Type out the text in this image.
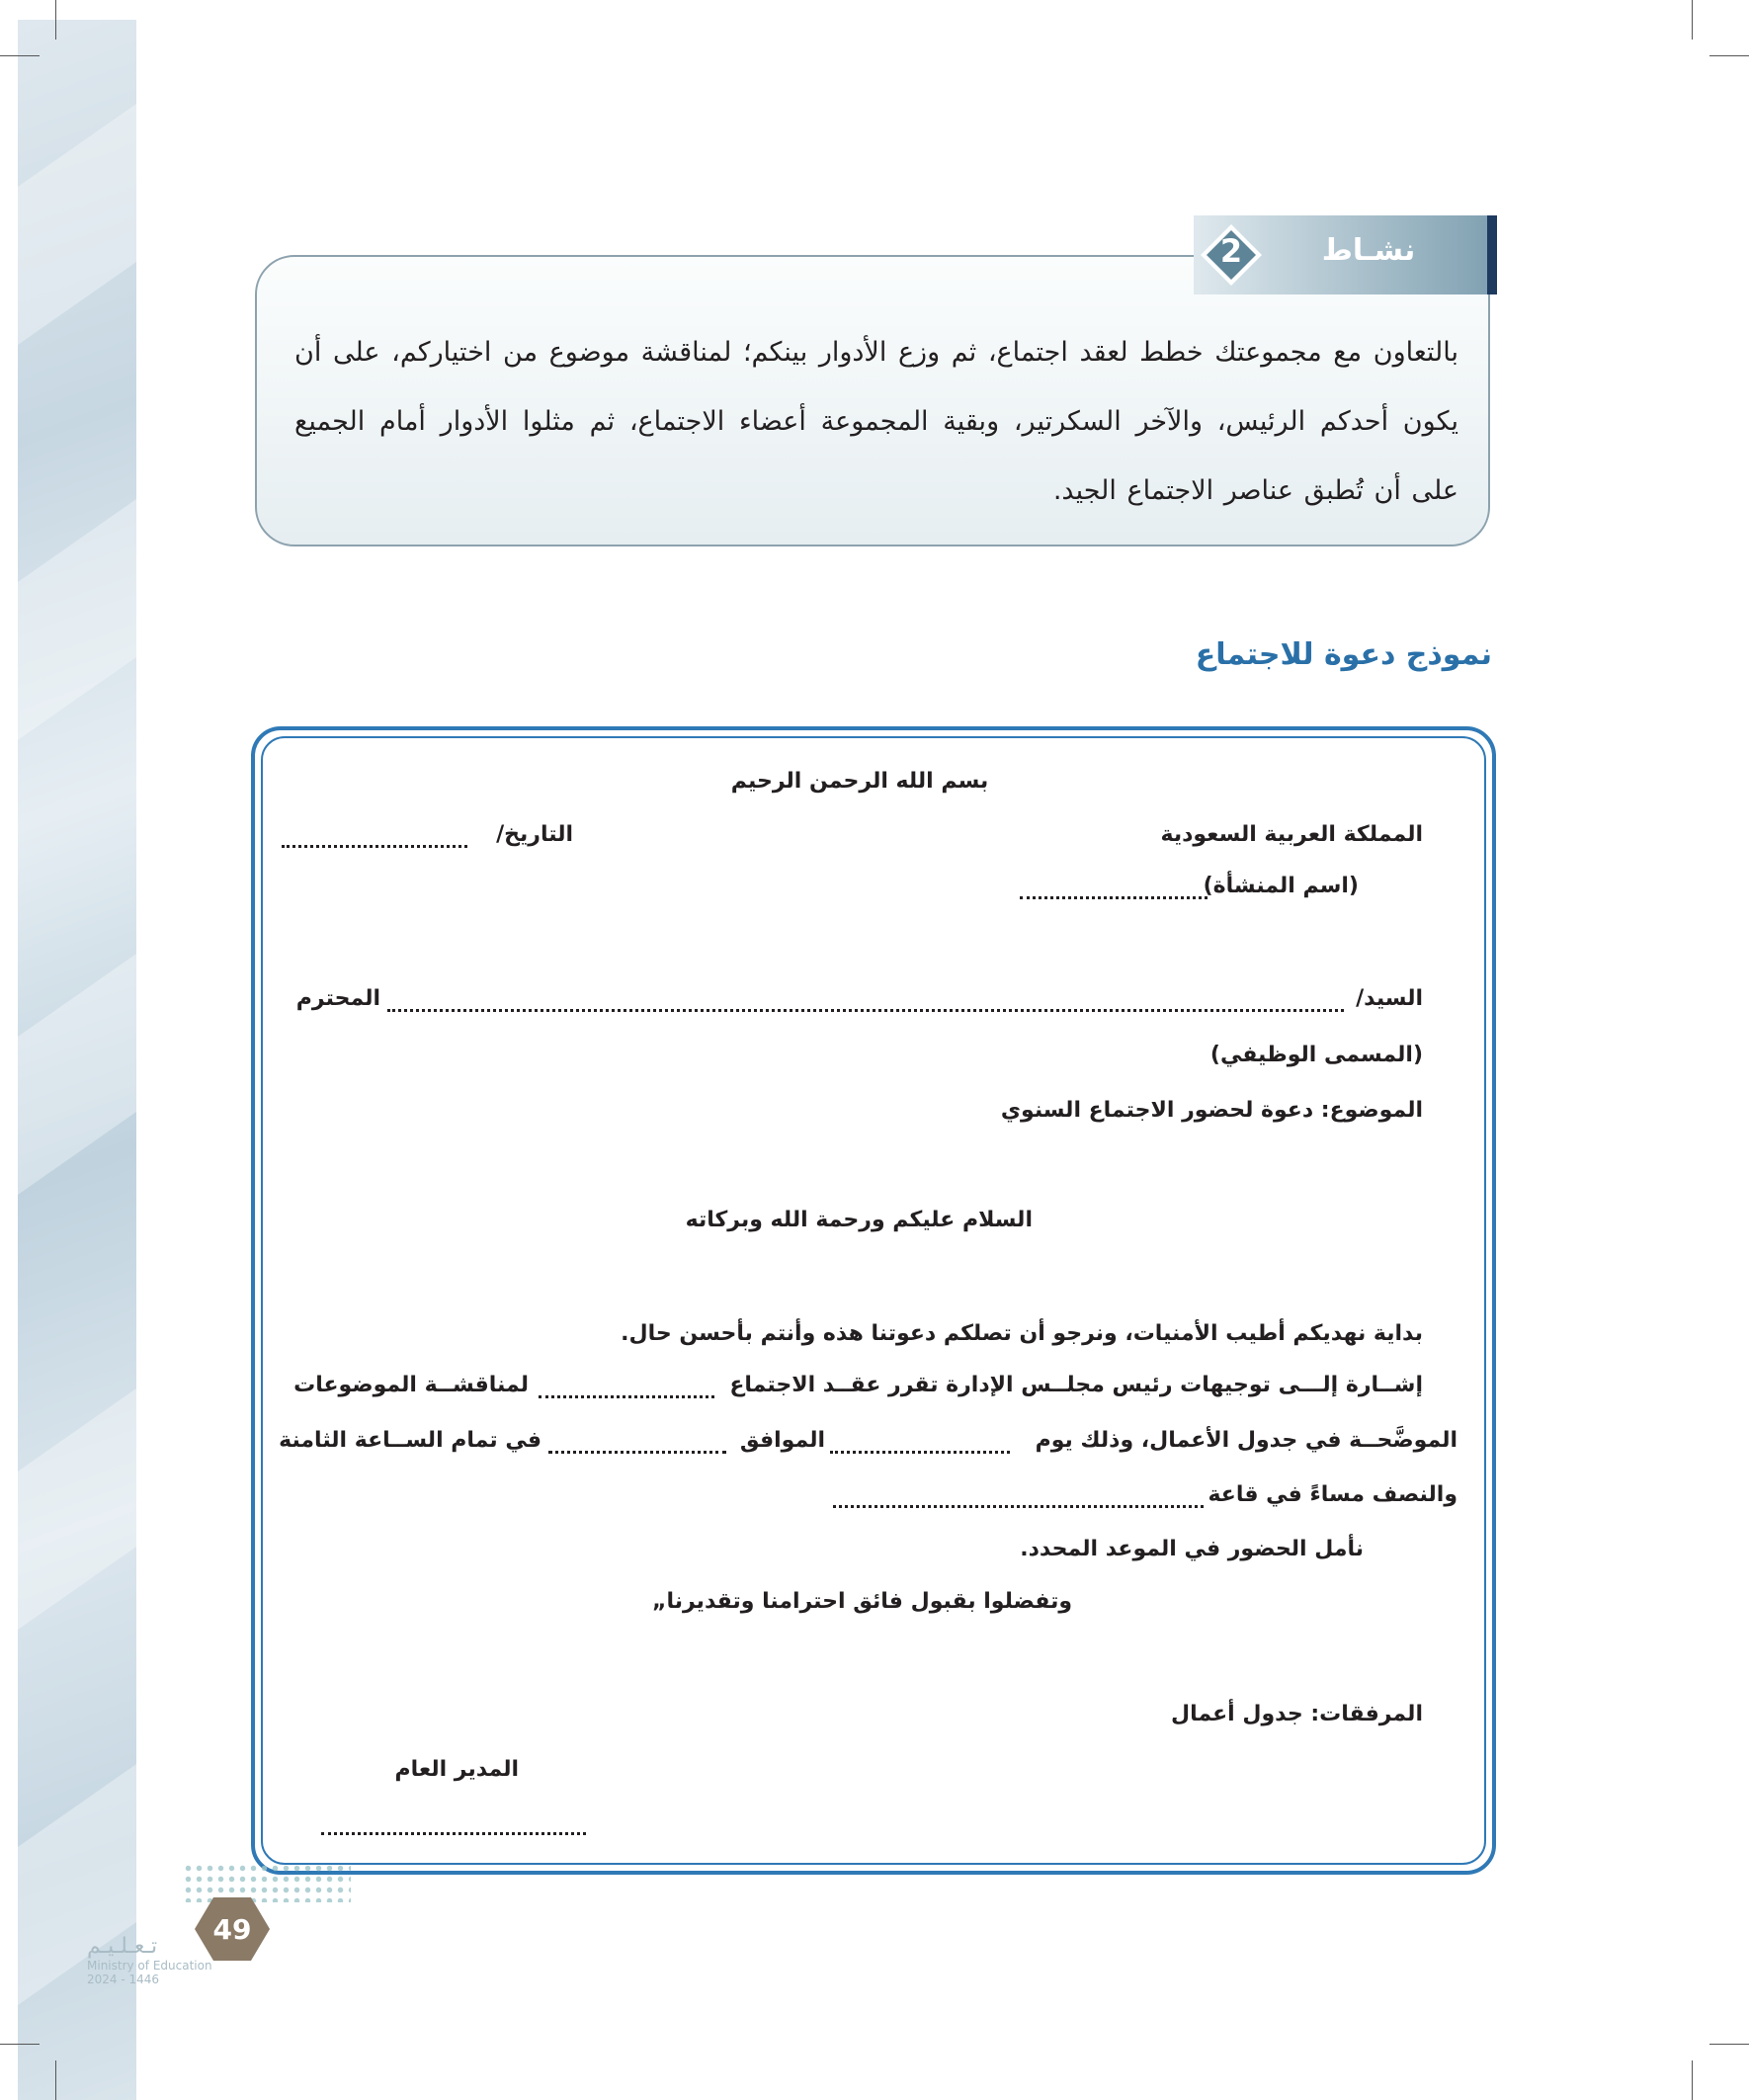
بالتعاون مع مجموعتك خطط لعقد اجتماع، ثم وزع الأدوار بينكم؛ لمناقشة موضوع من اختياركم، على أن يكون أحدكم الرئيس، والآخر السكرتير، وبقية المجموعة أعضاء الاجتماع، ثم مثلوا الأدوار أمام الجميع على أن تُطبق عناصر الاجتماع الجيد.

نشـاط
2
نموذج دعوة للاجتماع
بسم الله الرحمن الرحيم
المملكة العربية السعودية
التاريخ/
(اسم المنشأة)
السيد/
المحترم
(المسمى الوظيفي)
الموضوع: دعوة لحضور الاجتماع السنوي
السلام عليكم ورحمة الله وبركاته
بداية نهديكم أطيب الأمنيات، ونرجو أن تصلكم دعوتنا هذه وأنتم بأحسن حال.
إشــارة إلـــى توجيهات رئيس مجلــس الإدارة تقرر عقــد الاجتماع
لمناقشــة الموضوعات
الموضَّحــة في جدول الأعمال، وذلك يوم
الموافق
في تمام الســاعة الثامنة
والنصف مساءً في قاعة
نأمل الحضور في الموعد المحدد.
وتفضلوا بقبول فائق احترامنا وتقديرنا„
المرفقات: جدول أعمال
المدير العام
49
تـعـلـيـم
Ministry of Education
2024 - 1446
